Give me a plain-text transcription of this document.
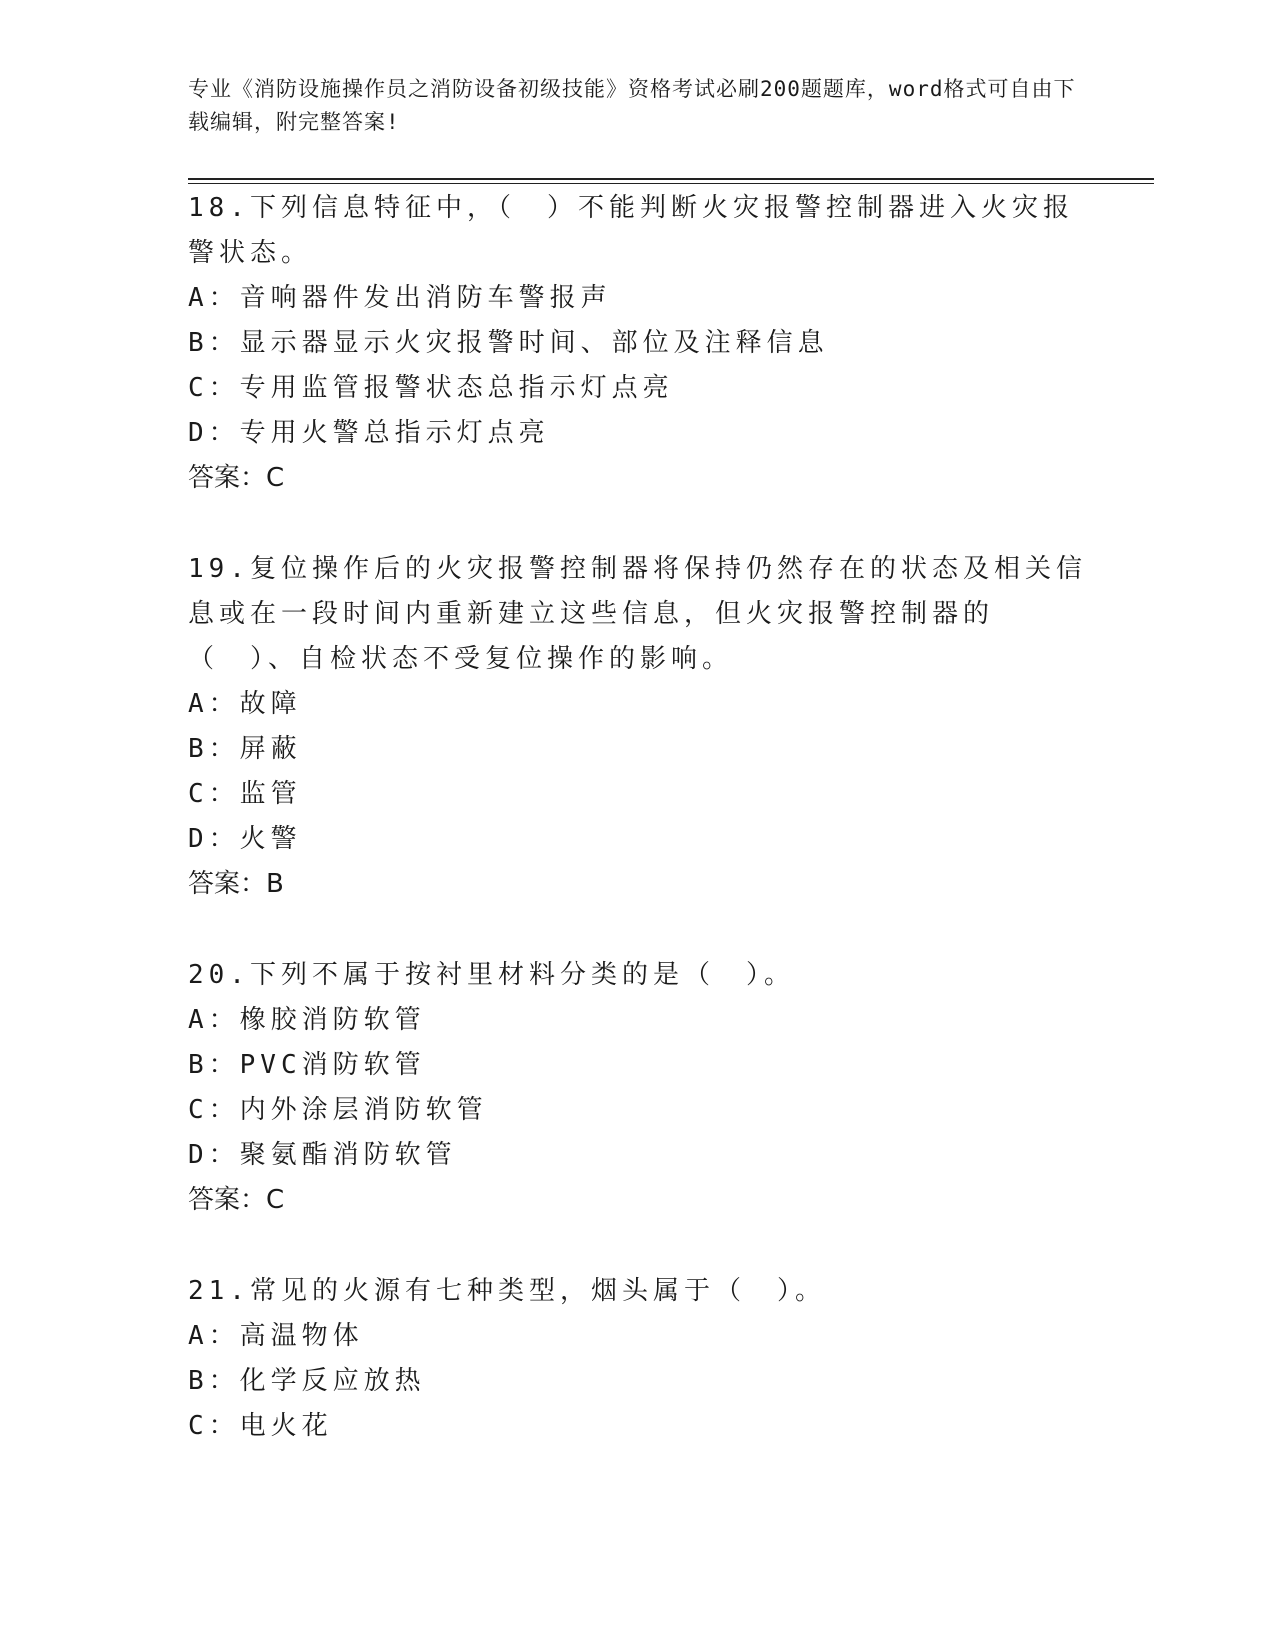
专业《消防设施操作员之消防设备初级技能》资格考试必刷200题题库，word格式可自由下载编辑，附完整答案!

18.下列信息特征中，（　）不能判断火灾报警控制器进入火灾报警状态。

A：音响器件发出消防车警报声

B：显示器显示火灾报警时间、部位及注释信息

C：专用监管报警状态总指示灯点亮

D：专用火警总指示灯点亮

答案：C

19.复位操作后的火灾报警控制器将保持仍然存在的状态及相关信息或在一段时间内重新建立这些信息，但火灾报警控制器的（　）、自检状态不受复位操作的影响。

A：故障

B：屏蔽

C：监管

D：火警

答案：B

20.下列不属于按衬里材料分类的是（　）。

A：橡胶消防软管

B：PVC消防软管

C：内外涂层消防软管

D：聚氨酯消防软管

答案：C

21.常见的火源有七种类型，烟头属于（　）。

A：高温物体

B：化学反应放热

C：电火花
